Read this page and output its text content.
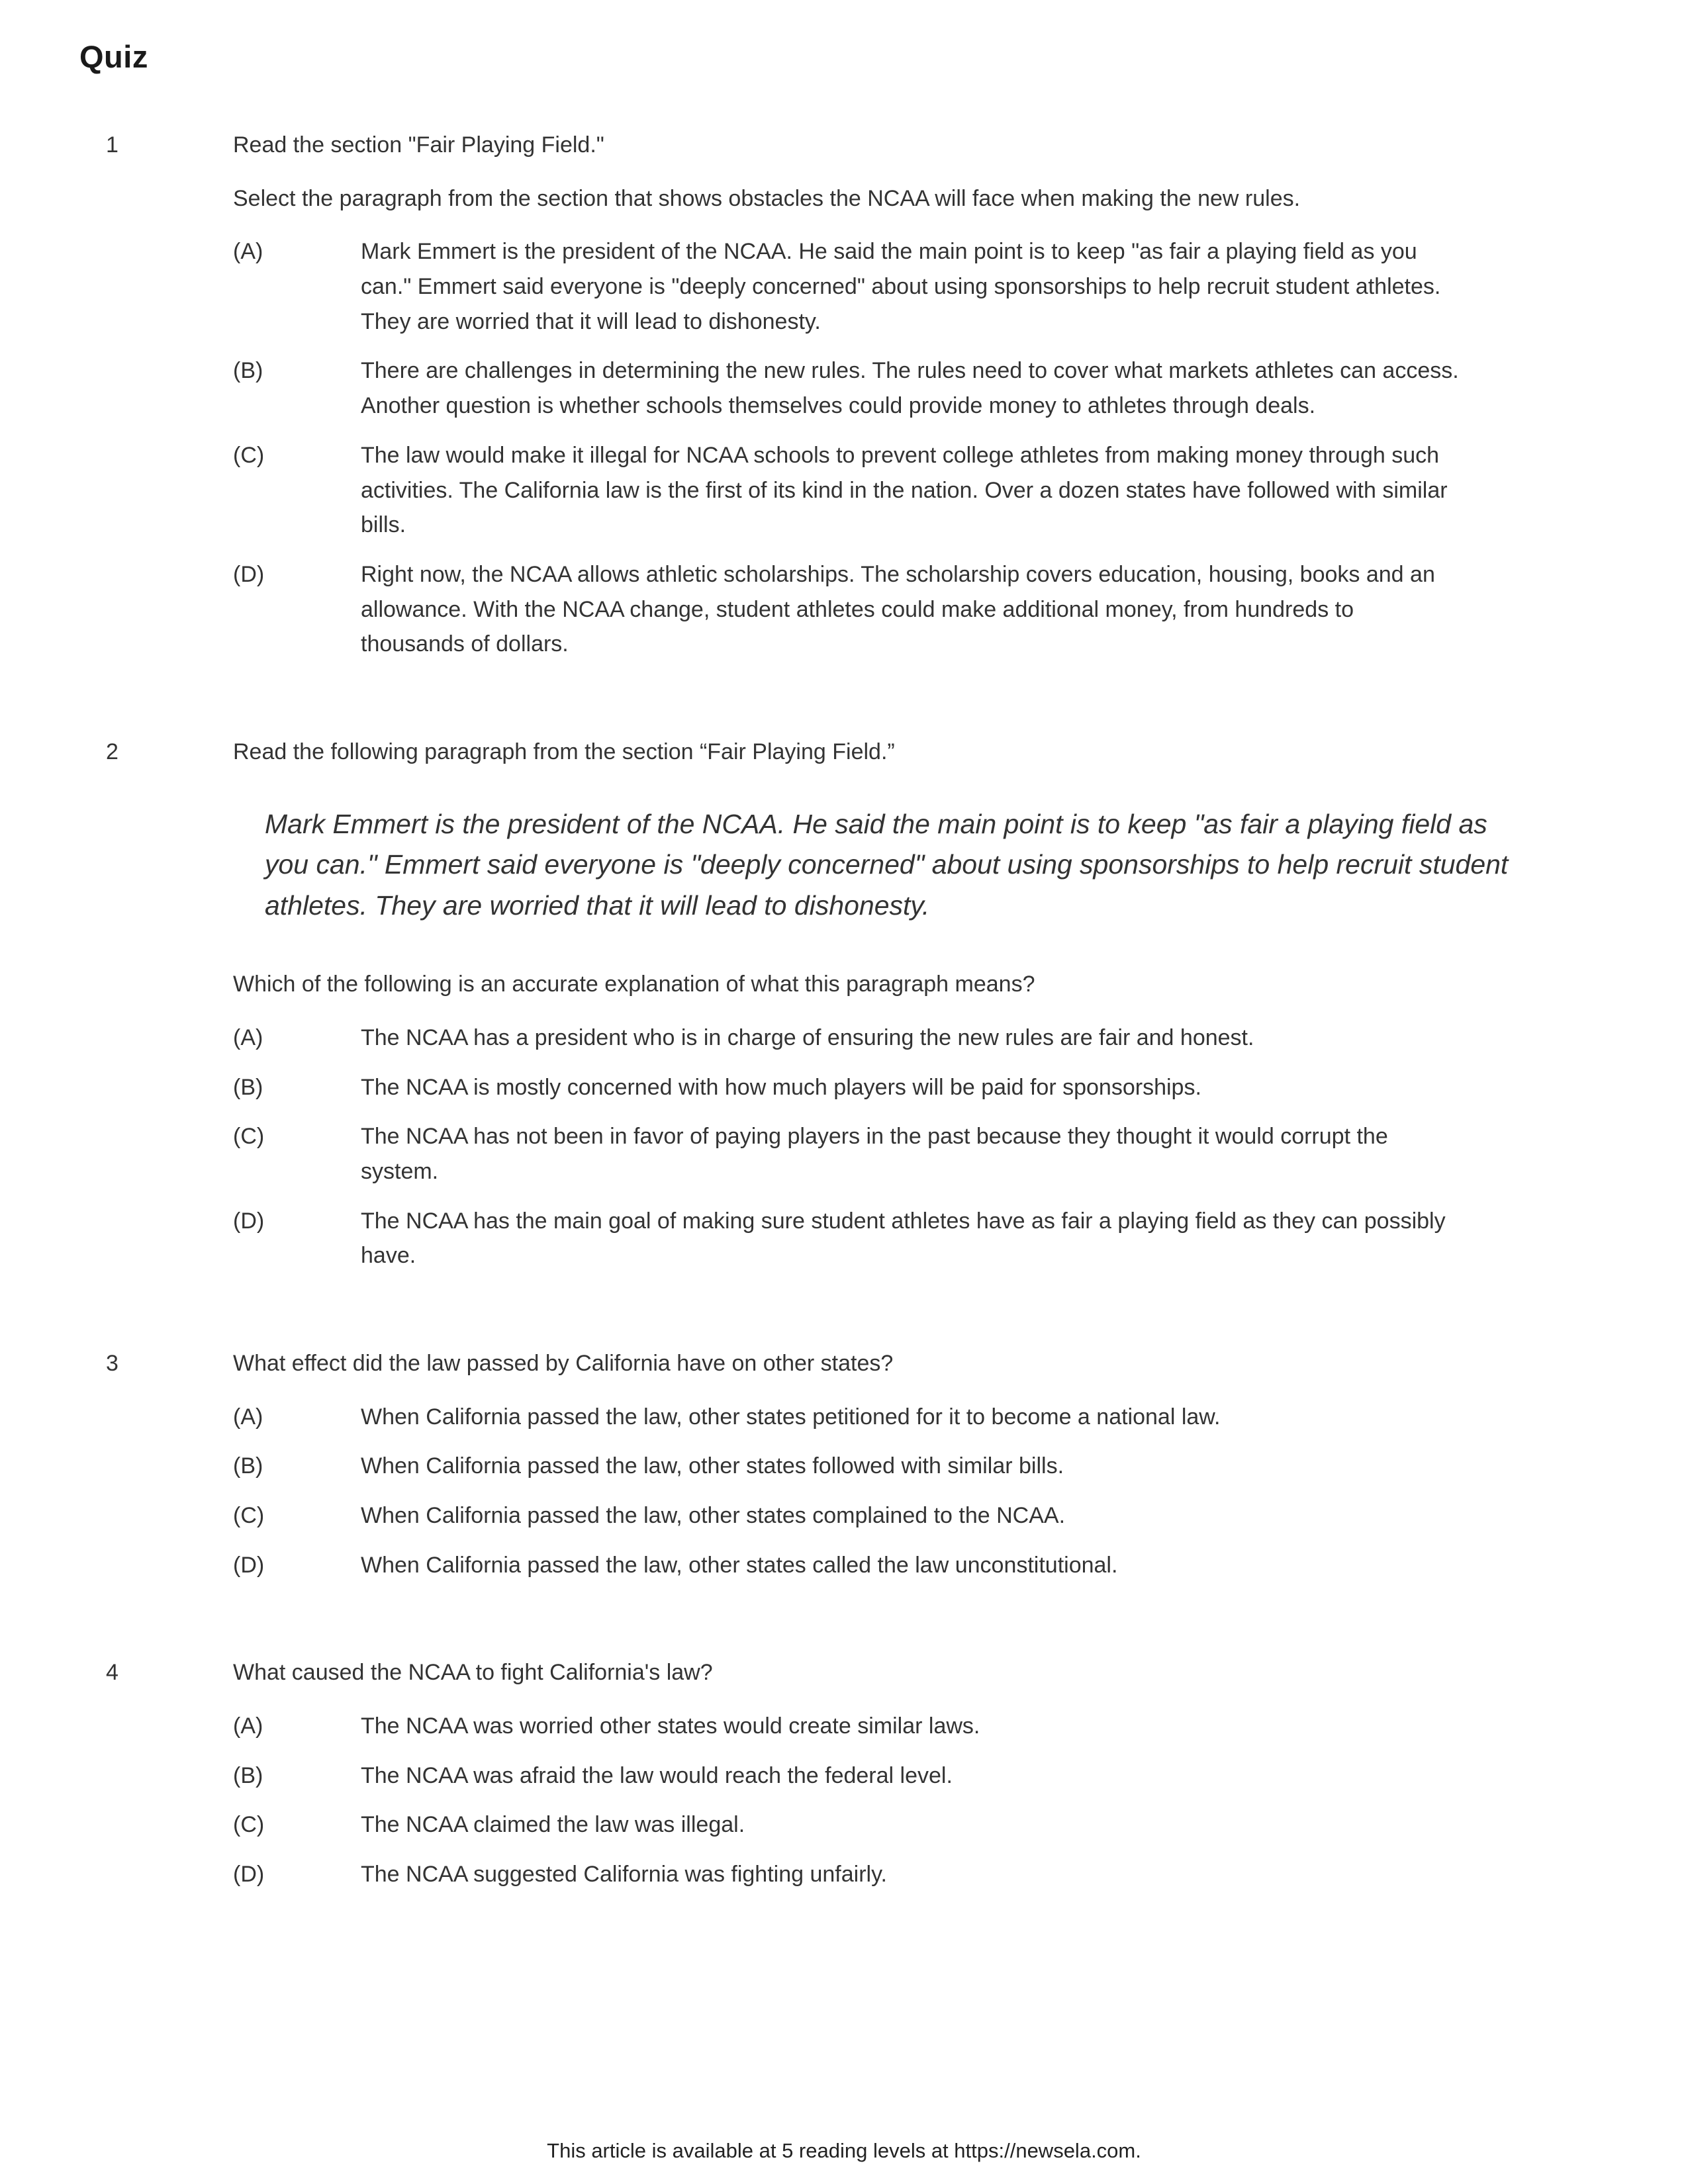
Quiz
1	Read the section "Fair Playing Field."

Select the paragraph from the section that shows obstacles the NCAA will face when making the new rules.

(A)	Mark Emmert is the president of the NCAA. He said the main point is to keep "as fair a playing field as you can." Emmert said everyone is "deeply concerned" about using sponsorships to help recruit student athletes. They are worried that it will lead to dishonesty.
(B)	There are challenges in determining the new rules. The rules need to cover what markets athletes can access. Another question is whether schools themselves could provide money to athletes through deals.
(C)	The law would make it illegal for NCAA schools to prevent college athletes from making money through such activities. The California law is the first of its kind in the nation. Over a dozen states have followed with similar bills.
(D)	Right now, the NCAA allows athletic scholarships. The scholarship covers education, housing, books and an allowance. With the NCAA change, student athletes could make additional money, from hundreds to thousands of dollars.
2	Read the following paragraph from the section “Fair Playing Field.”

Mark Emmert is the president of the NCAA. He said the main point is to keep "as fair a playing field as you can." Emmert said everyone is "deeply concerned" about using sponsorships to help recruit student athletes. They are worried that it will lead to dishonesty.

Which of the following is an accurate explanation of what this paragraph means?

(A)	The NCAA has a president who is in charge of ensuring the new rules are fair and honest.
(B)	The NCAA is mostly concerned with how much players will be paid for sponsorships.
(C)	The NCAA has not been in favor of paying players in the past because they thought it would corrupt the system.
(D)	The NCAA has the main goal of making sure student athletes have as fair a playing field as they can possibly have.
3	What effect did the law passed by California have on other states?

(A)	When California passed the law, other states petitioned for it to become a national law.
(B)	When California passed the law, other states followed with similar bills.
(C)	When California passed the law, other states complained to the NCAA.
(D)	When California passed the law, other states called the law unconstitutional.
4	What caused the NCAA to fight California's law?

(A)	The NCAA was worried other states would create similar laws.
(B)	The NCAA was afraid the law would reach the federal level.
(C)	The NCAA claimed the law was illegal.
(D)	The NCAA suggested California was fighting unfairly.
This article is available at 5 reading levels at https://newsela.com.
